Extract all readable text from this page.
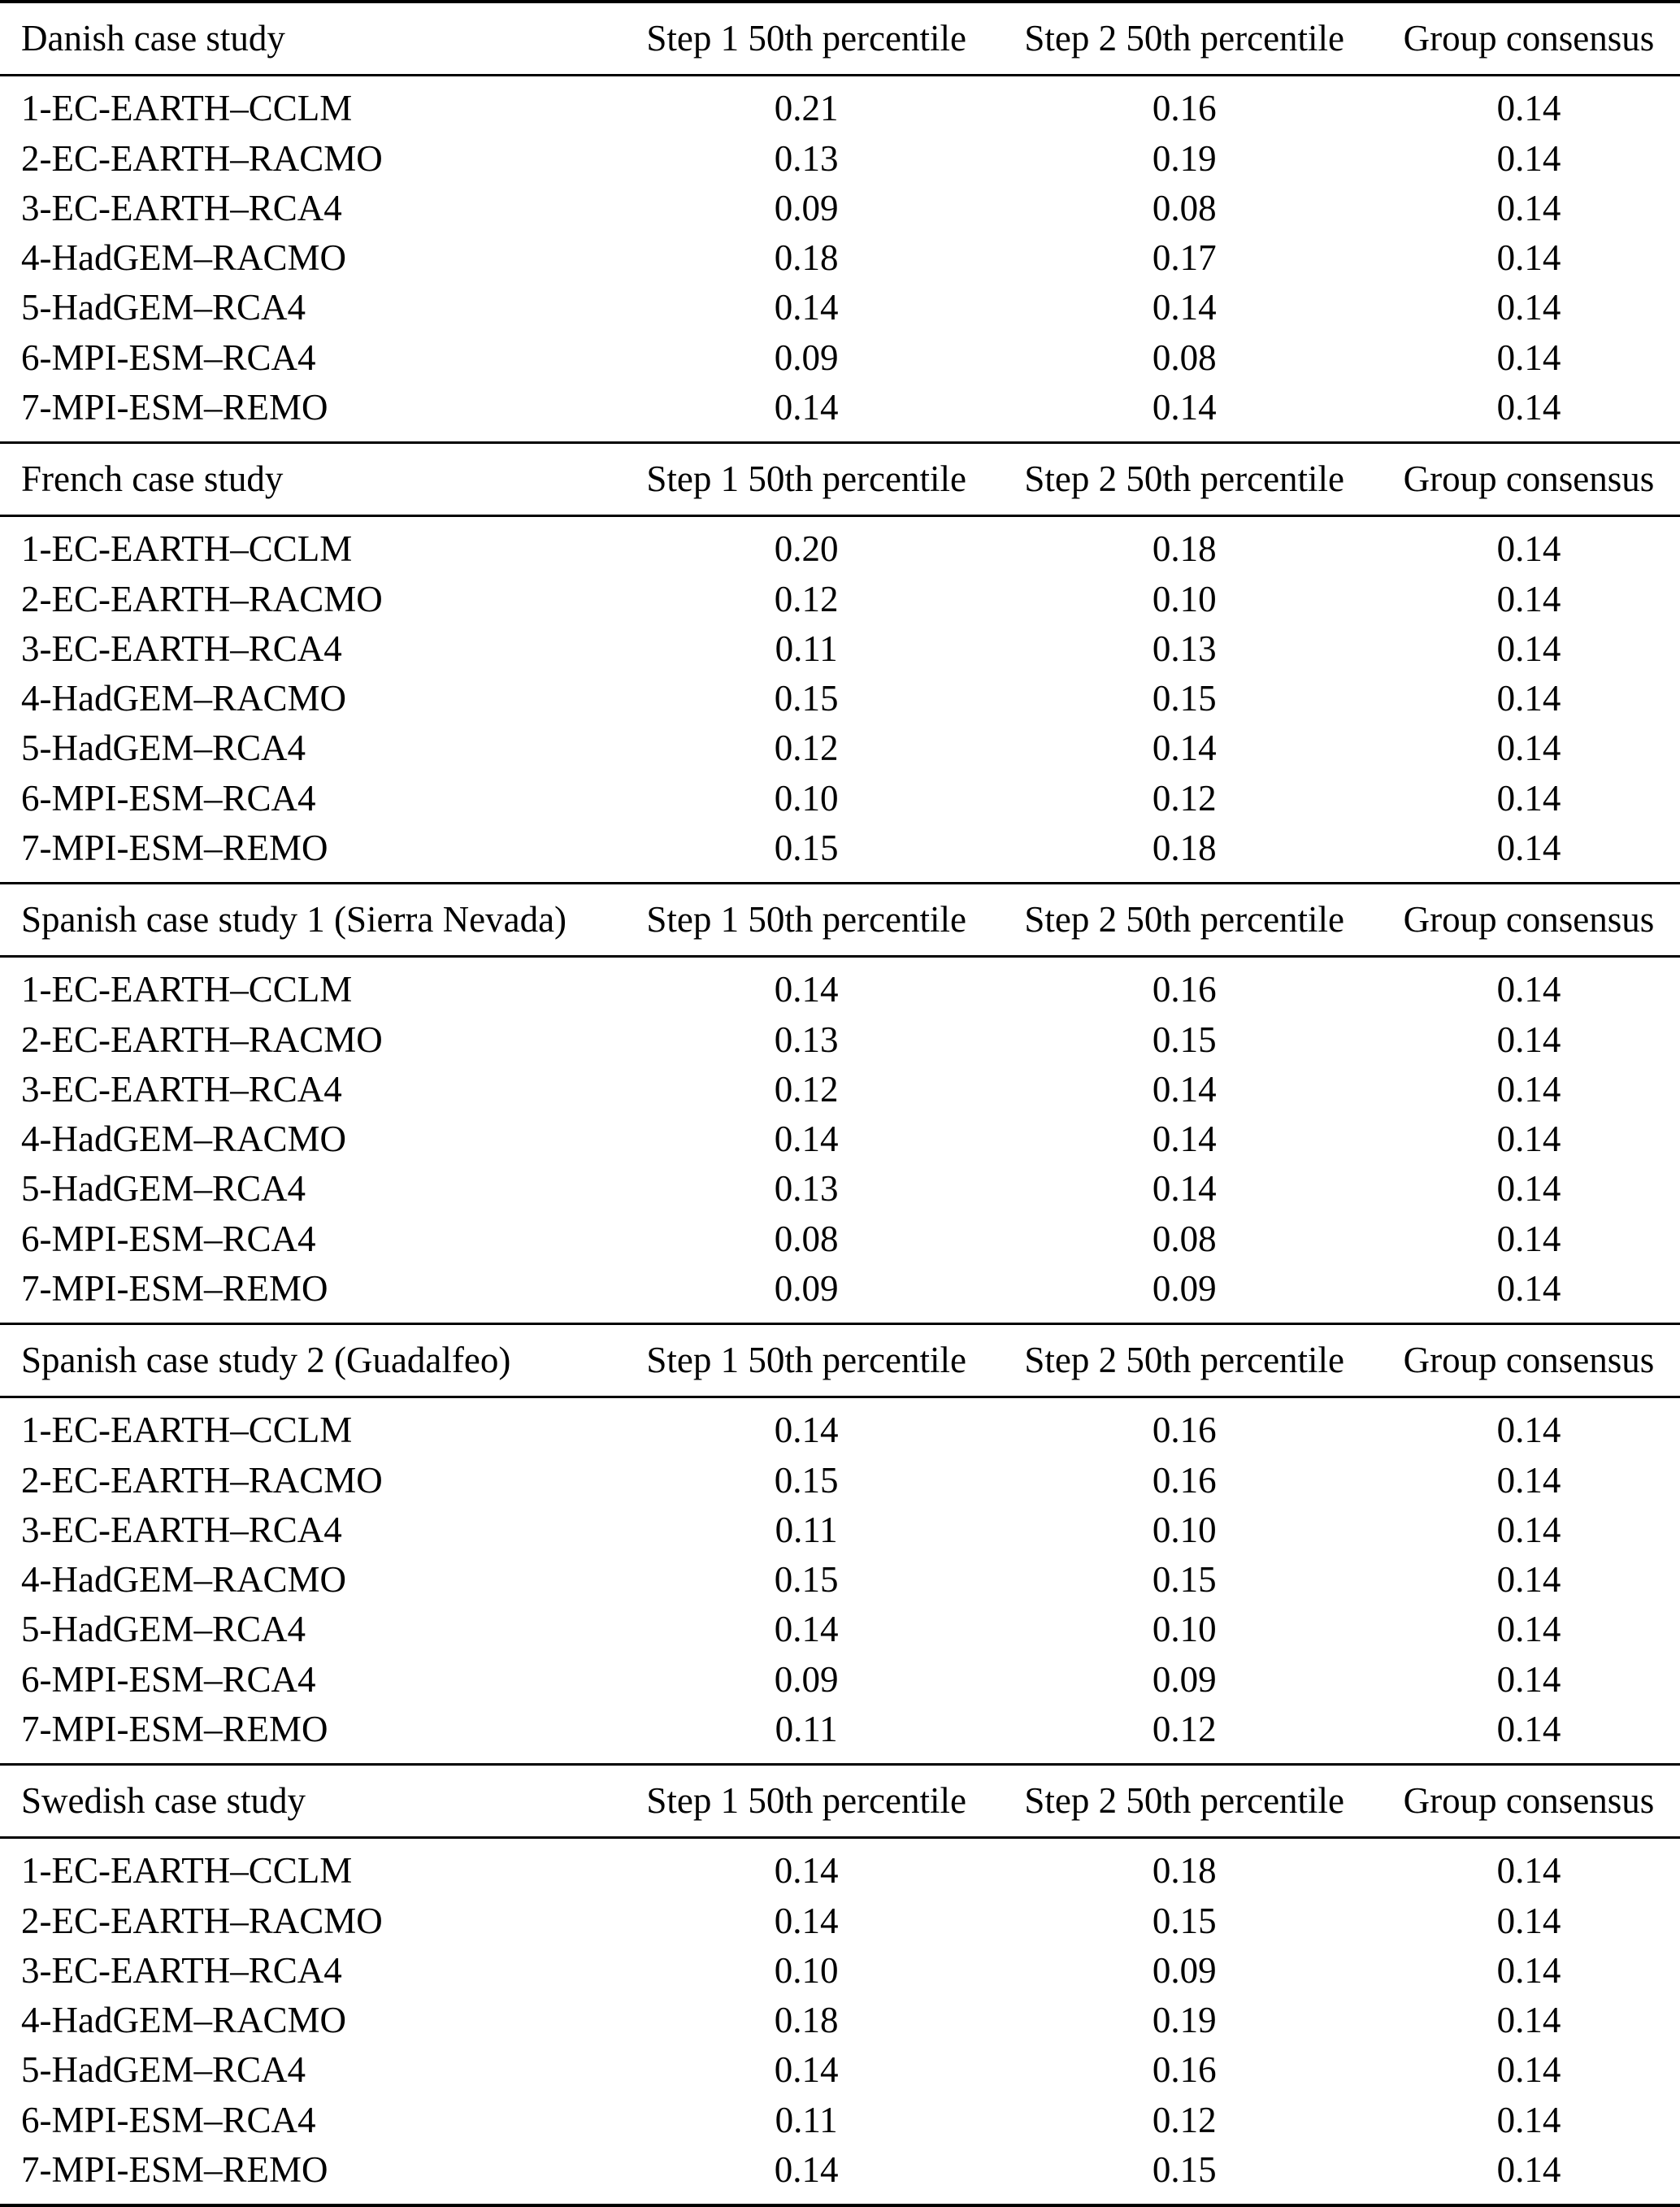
Danish case study	Step 1 50th percentile	Step 2 50th percentile	Group consensus
1-EC-EARTH–CCLM	0.21	0.16	0.14
2-EC-EARTH–RACMO	0.13	0.19	0.14
3-EC-EARTH–RCA4	0.09	0.08	0.14
4-HadGEM–RACMO	0.18	0.17	0.14
5-HadGEM–RCA4	0.14	0.14	0.14
6-MPI-ESM–RCA4	0.09	0.08	0.14
7-MPI-ESM–REMO	0.14	0.14	0.14
French case study	Step 1 50th percentile	Step 2 50th percentile	Group consensus
1-EC-EARTH–CCLM	0.20	0.18	0.14
2-EC-EARTH–RACMO	0.12	0.10	0.14
3-EC-EARTH–RCA4	0.11	0.13	0.14
4-HadGEM–RACMO	0.15	0.15	0.14
5-HadGEM–RCA4	0.12	0.14	0.14
6-MPI-ESM–RCA4	0.10	0.12	0.14
7-MPI-ESM–REMO	0.15	0.18	0.14
Spanish case study 1 (Sierra Nevada)	Step 1 50th percentile	Step 2 50th percentile	Group consensus
1-EC-EARTH–CCLM	0.14	0.16	0.14
2-EC-EARTH–RACMO	0.13	0.15	0.14
3-EC-EARTH–RCA4	0.12	0.14	0.14
4-HadGEM–RACMO	0.14	0.14	0.14
5-HadGEM–RCA4	0.13	0.14	0.14
6-MPI-ESM–RCA4	0.08	0.08	0.14
7-MPI-ESM–REMO	0.09	0.09	0.14
Spanish case study 2 (Guadalfeo)	Step 1 50th percentile	Step 2 50th percentile	Group consensus
1-EC-EARTH–CCLM	0.14	0.16	0.14
2-EC-EARTH–RACMO	0.15	0.16	0.14
3-EC-EARTH–RCA4	0.11	0.10	0.14
4-HadGEM–RACMO	0.15	0.15	0.14
5-HadGEM–RCA4	0.14	0.10	0.14
6-MPI-ESM–RCA4	0.09	0.09	0.14
7-MPI-ESM–REMO	0.11	0.12	0.14
Swedish case study	Step 1 50th percentile	Step 2 50th percentile	Group consensus
1-EC-EARTH–CCLM	0.14	0.18	0.14
2-EC-EARTH–RACMO	0.14	0.15	0.14
3-EC-EARTH–RCA4	0.10	0.09	0.14
4-HadGEM–RACMO	0.18	0.19	0.14
5-HadGEM–RCA4	0.14	0.16	0.14
6-MPI-ESM–RCA4	0.11	0.12	0.14
7-MPI-ESM–REMO	0.14	0.15	0.14
